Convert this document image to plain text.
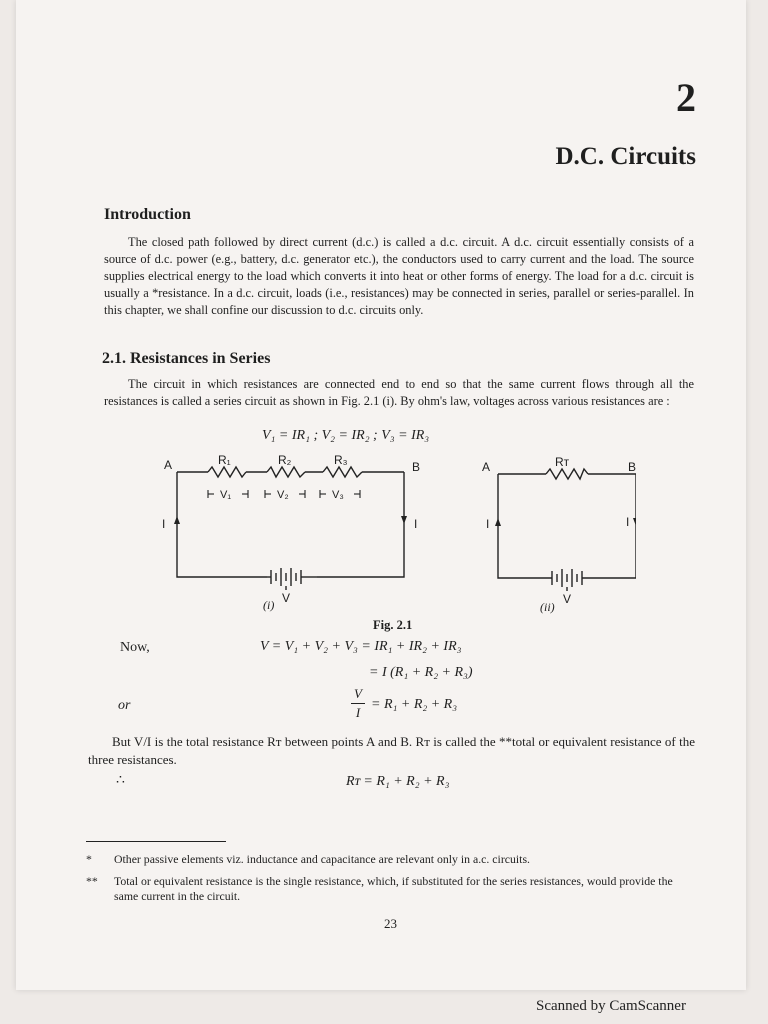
2
D.C. Circuits
Introduction

The closed path followed by direct current (d.c.) is called a d.c. circuit. A d.c. circuit essentially consists of a source of d.c. power (e.g., battery, d.c. generator etc.), the conductors used to carry current and the load. The source supplies electrical energy to the load which converts it into heat or other forms of energy. The load for a d.c. circuit is usually a *resistance. In a d.c. circuit, loads (i.e., resistances) may be connected in series, parallel or series-parallel. In this chapter, we shall confine our discussion to d.c. circuits only.

2.1. Resistances in Series

The circuit in which resistances are connected end to end so that the same current flows through all the resistances is called a series circuit as shown in Fig. 2.1 (i). By ohm's law, voltages across various resistances are :

V₁ = IR₁ ; V₂ = IR₂ ; V₃ = IR₃
A	B
R₁	R₂	R₃
V₁	V₂	V₃
I	I
V
A	B
Rᴛ
I	I
V
(i)	(ii)
Fig. 2.1
Now,	V = V₁ + V₂ + V₃ = IR₁ + IR₂ + IR₃
= I (R₁ + R₂ + R₃)
or
V
I
= R₁ + R₂ + R₃

But V/I is the total resistance Rᴛ between points A and B. Rᴛ is called the **total or equivalent resistance of the three resistances.

∴	Rᴛ = R₁ + R₂ + R₃
* Other passive elements viz. inductance and capacitance are relevant only in a.c. circuits.
**	Total or equivalent resistance is the single resistance, which, if substituted for the series resistances, would provide the same current in the circuit.
23
Scanned by CamScanner
